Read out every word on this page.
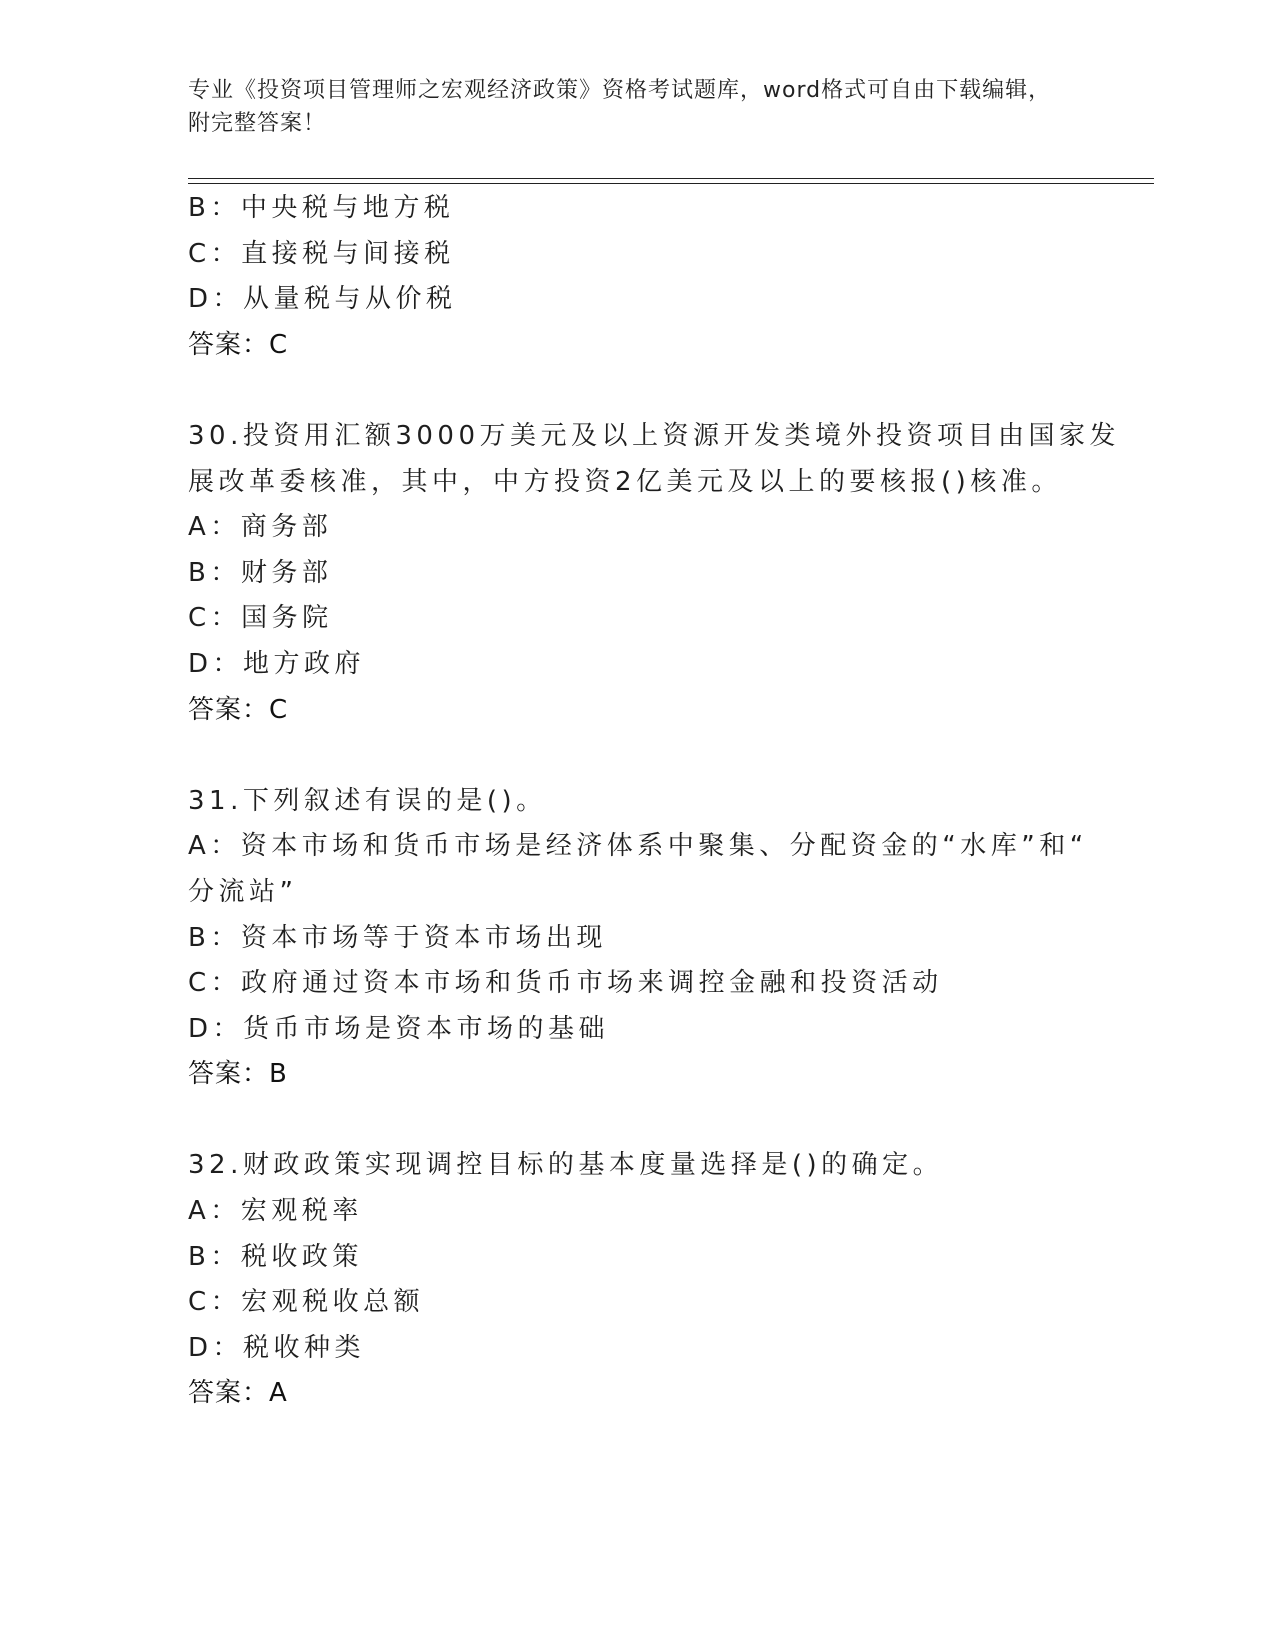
专业《投资项目管理师之宏观经济政策》资格考试题库，word格式可自由下载编辑，附完整答案！
B：中央税与地方税
C：直接税与间接税
D：从量税与从价税
答案：C
30.投资用汇额3000万美元及以上资源开发类境外投资项目由国家发
展改革委核准，其中，中方投资2亿美元及以上的要核报()核准。
A：商务部
B：财务部
C：国务院
D：地方政府
答案：C
31.下列叙述有误的是()。
A：资本市场和货币市场是经济体系中聚集、分配资金的“水库”和“
分流站”
B：资本市场等于资本市场出现
C：政府通过资本市场和货币市场来调控金融和投资活动
D：货币市场是资本市场的基础
答案：B
32.财政政策实现调控目标的基本度量选择是()的确定。
A：宏观税率
B：税收政策
C：宏观税收总额
D：税收种类
答案：A
